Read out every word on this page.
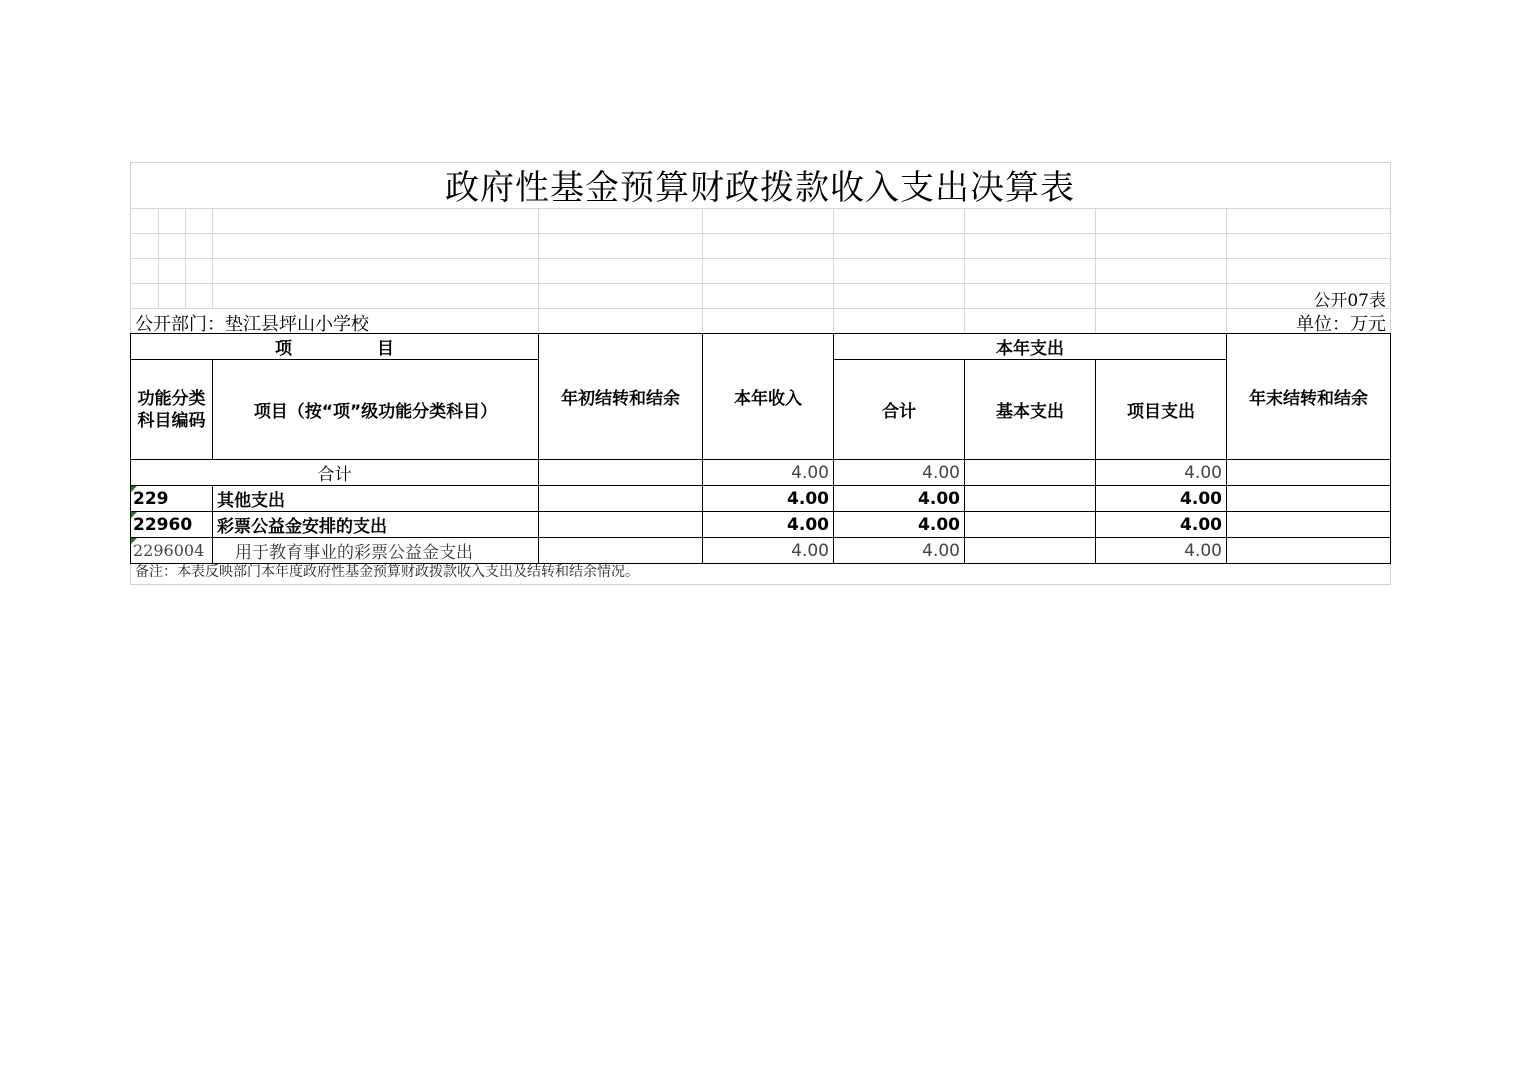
政府性基金预算财政拨款收入支出决算表
公开07表
公开部门：垫江县坪山小学校	单位：万元
项　　　　　目		年初结转和结余	本年收入	本年支出			年末结转和结余
功能分类科目编码	项目（按“项”级功能分类科目）			合计	基本支出	项目支出	
合计			4.00	4.00		4.00	

229	其他支出		4.00	4.00		4.00	

22960	彩票公益金安排的支出		4.00	4.00		4.00	

2296004	用于教育事业的彩票公益金支出		4.00	4.00		4.00	
备注：本表反映部门本年度政府性基金预算财政拨款收入支出及结转和结余情况。
